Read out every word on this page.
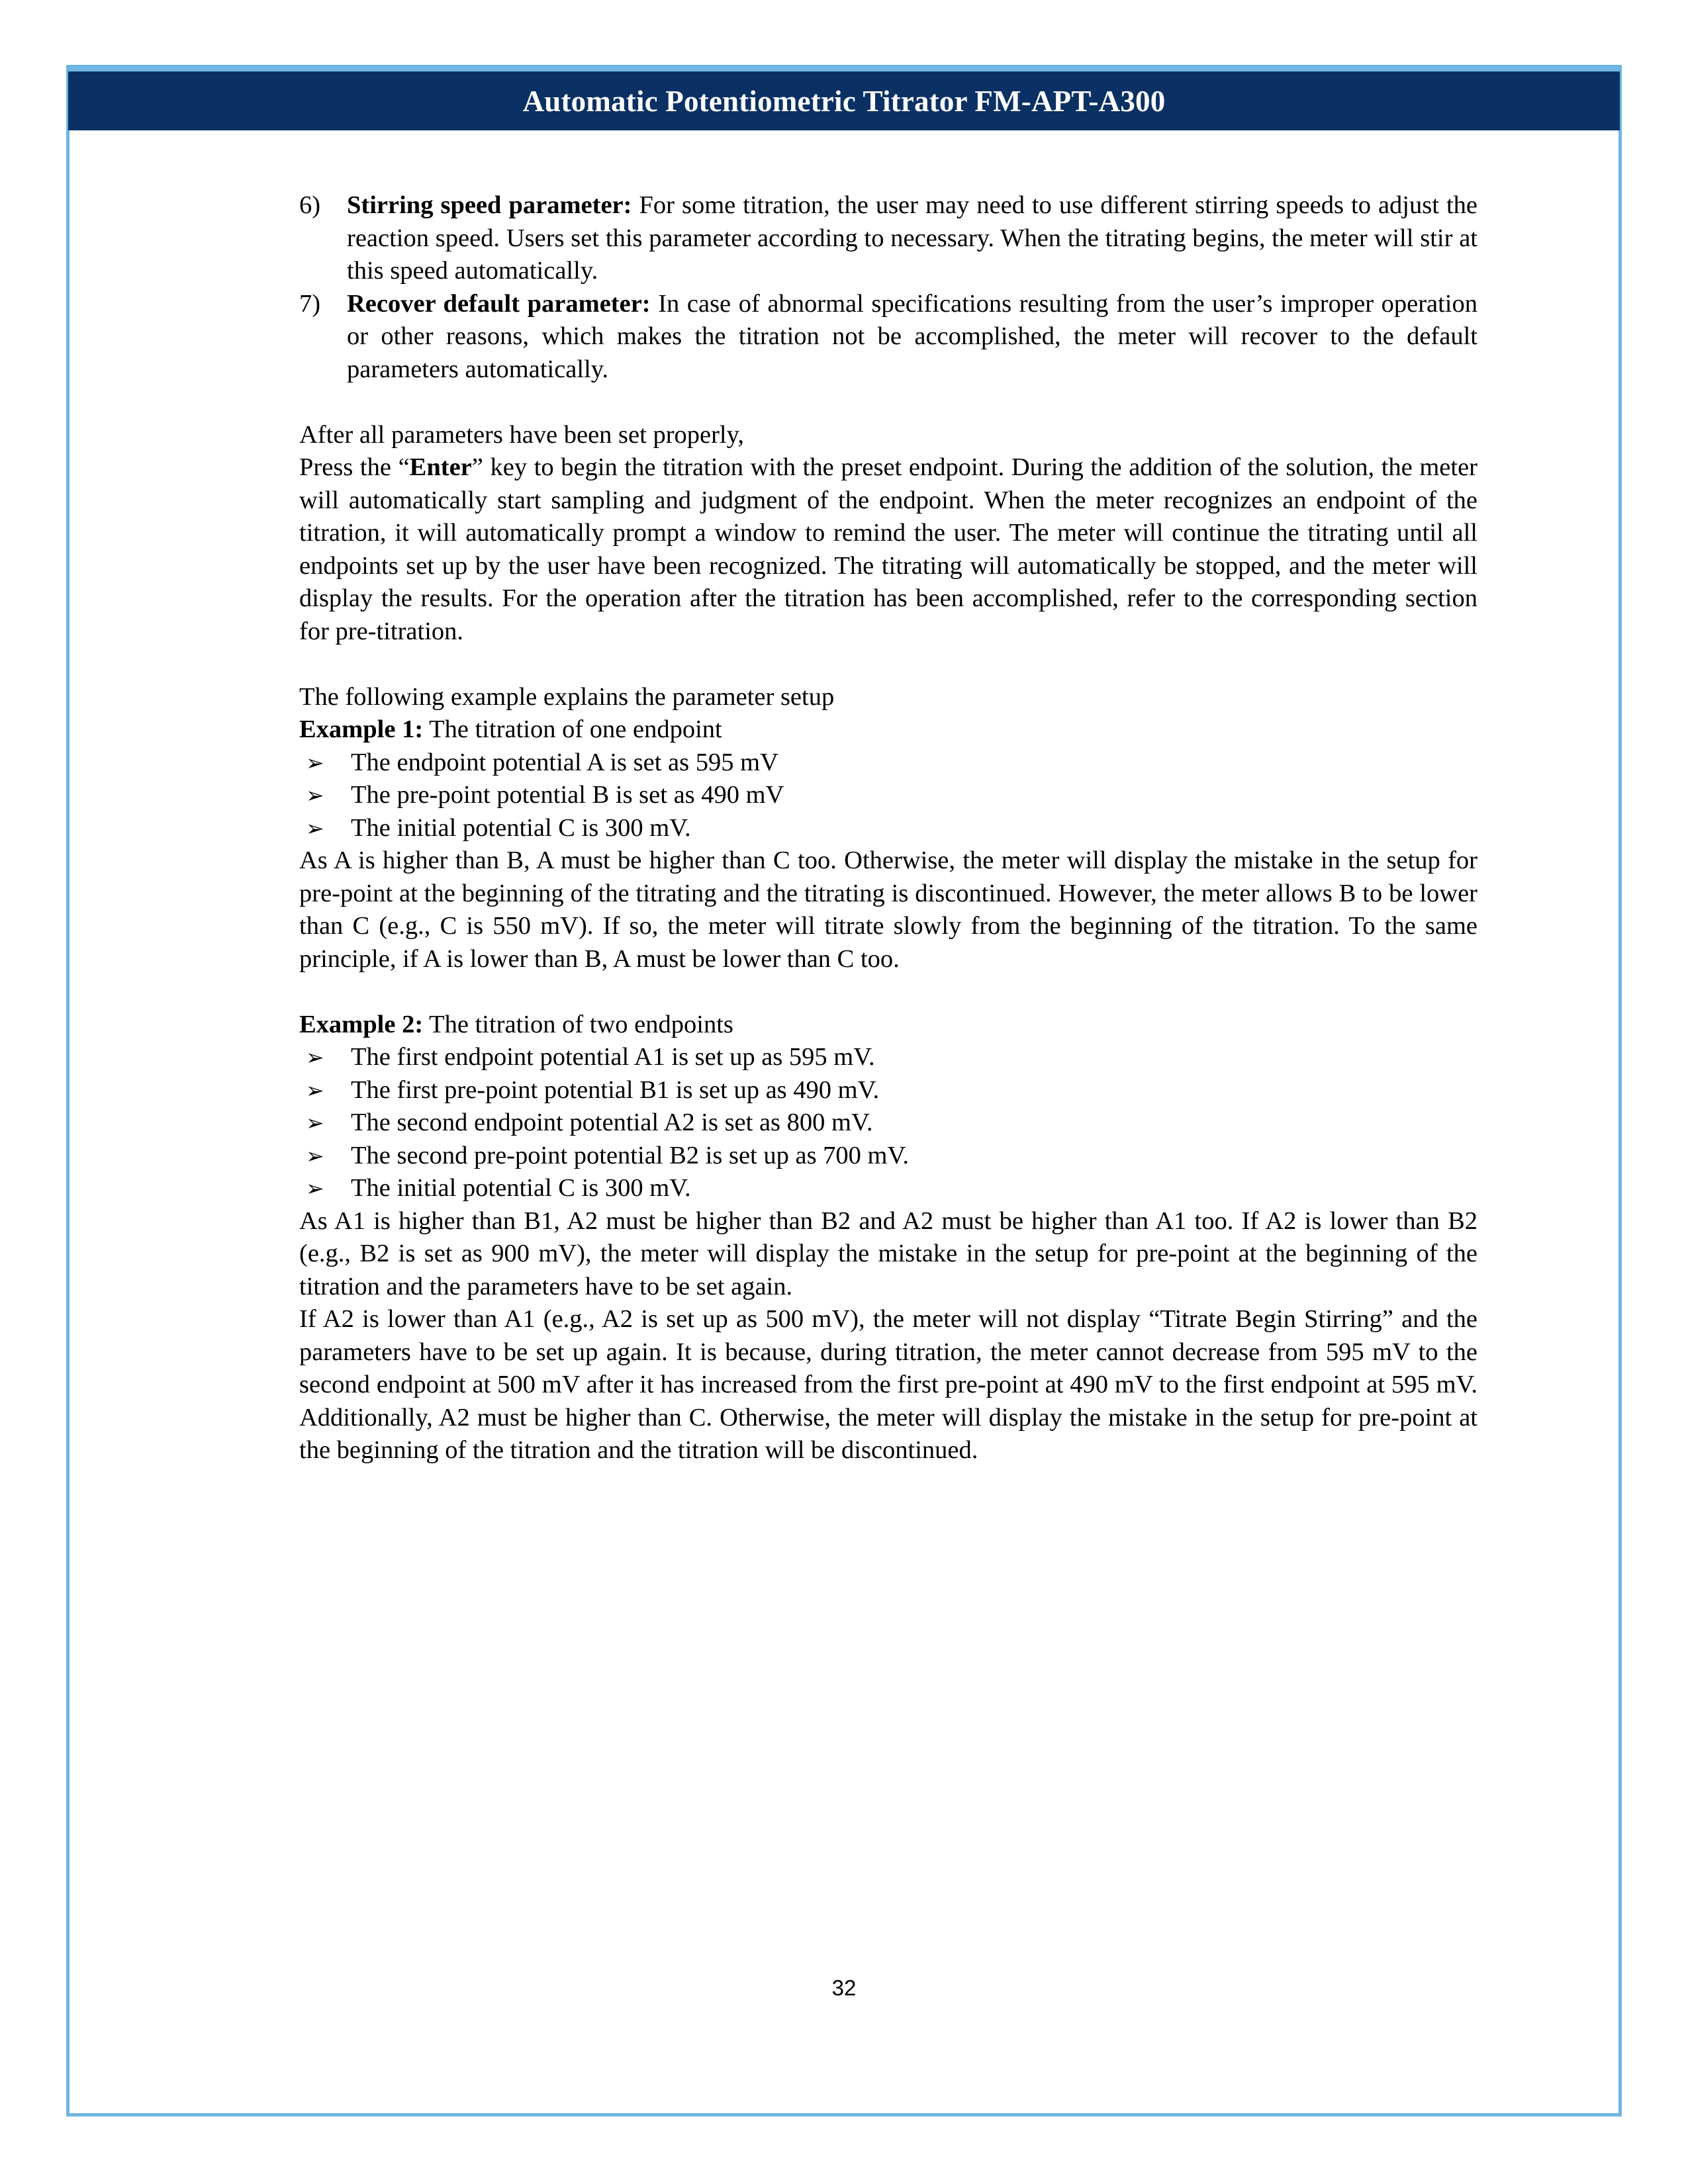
Automatic Potentiometric Titrator FM-APT-A300
6)	Stirring speed parameter: For some titration, the user may need to use different stirring speeds to adjust the reaction speed. Users set this parameter according to necessary. When the titrating begins, the meter will stir at this speed automatically.
7)	Recover default parameter: In case of abnormal specifications resulting from the user’s improper operation or other reasons, which makes the titration not be accomplished, the meter will recover to the default parameters automatically.

After all parameters have been set properly,

Press the “Enter” key to begin the titration with the preset endpoint. During the addition of the solution, the meter will automatically start sampling and judgment of the endpoint. When the meter recognizes an endpoint of the titration, it will automatically prompt a window to remind the user. The meter will continue the titrating until all endpoints set up by the user have been recognized. The titrating will automatically be stopped, and the meter will display the results. For the operation after the titration has been accomplished, refer to the corresponding section for pre-titration.

The following example explains the parameter setup

Example 1: The titration of one endpoint

➢ The endpoint potential A is set as 595 mV
➢ The pre-point potential B is set as 490 mV
➢ The initial potential C is 300 mV.

As A is higher than B, A must be higher than C too. Otherwise, the meter will display the mistake in the setup for pre-point at the beginning of the titrating and the titrating is discontinued. However, the meter allows B to be lower than C (e.g., C is 550 mV). If so, the meter will titrate slowly from the beginning of the titration. To the same principle, if A is lower than B, A must be lower than C too.

Example 2: The titration of two endpoints

➢ The first endpoint potential A1 is set up as 595 mV.
➢ The first pre-point potential B1 is set up as 490 mV.
➢ The second endpoint potential A2 is set as 800 mV.
➢ The second pre-point potential B2 is set up as 700 mV.
➢ The initial potential C is 300 mV.

As A1 is higher than B1, A2 must be higher than B2 and A2 must be higher than A1 too. If A2 is lower than B2 (e.g., B2 is set as 900 mV), the meter will display the mistake in the setup for pre-point at the beginning of the titration and the parameters have to be set again.

If A2 is lower than A1 (e.g., A2 is set up as 500 mV), the meter will not display “Titrate Begin Stirring” and the parameters have to be set up again. It is because, during titration, the meter cannot decrease from 595 mV to the second endpoint at 500 mV after it has increased from the first pre-point at 490 mV to the first endpoint at 595 mV. Additionally, A2 must be higher than C. Otherwise, the meter will display the mistake in the setup for pre-point at the beginning of the titration and the titration will be discontinued.

32
